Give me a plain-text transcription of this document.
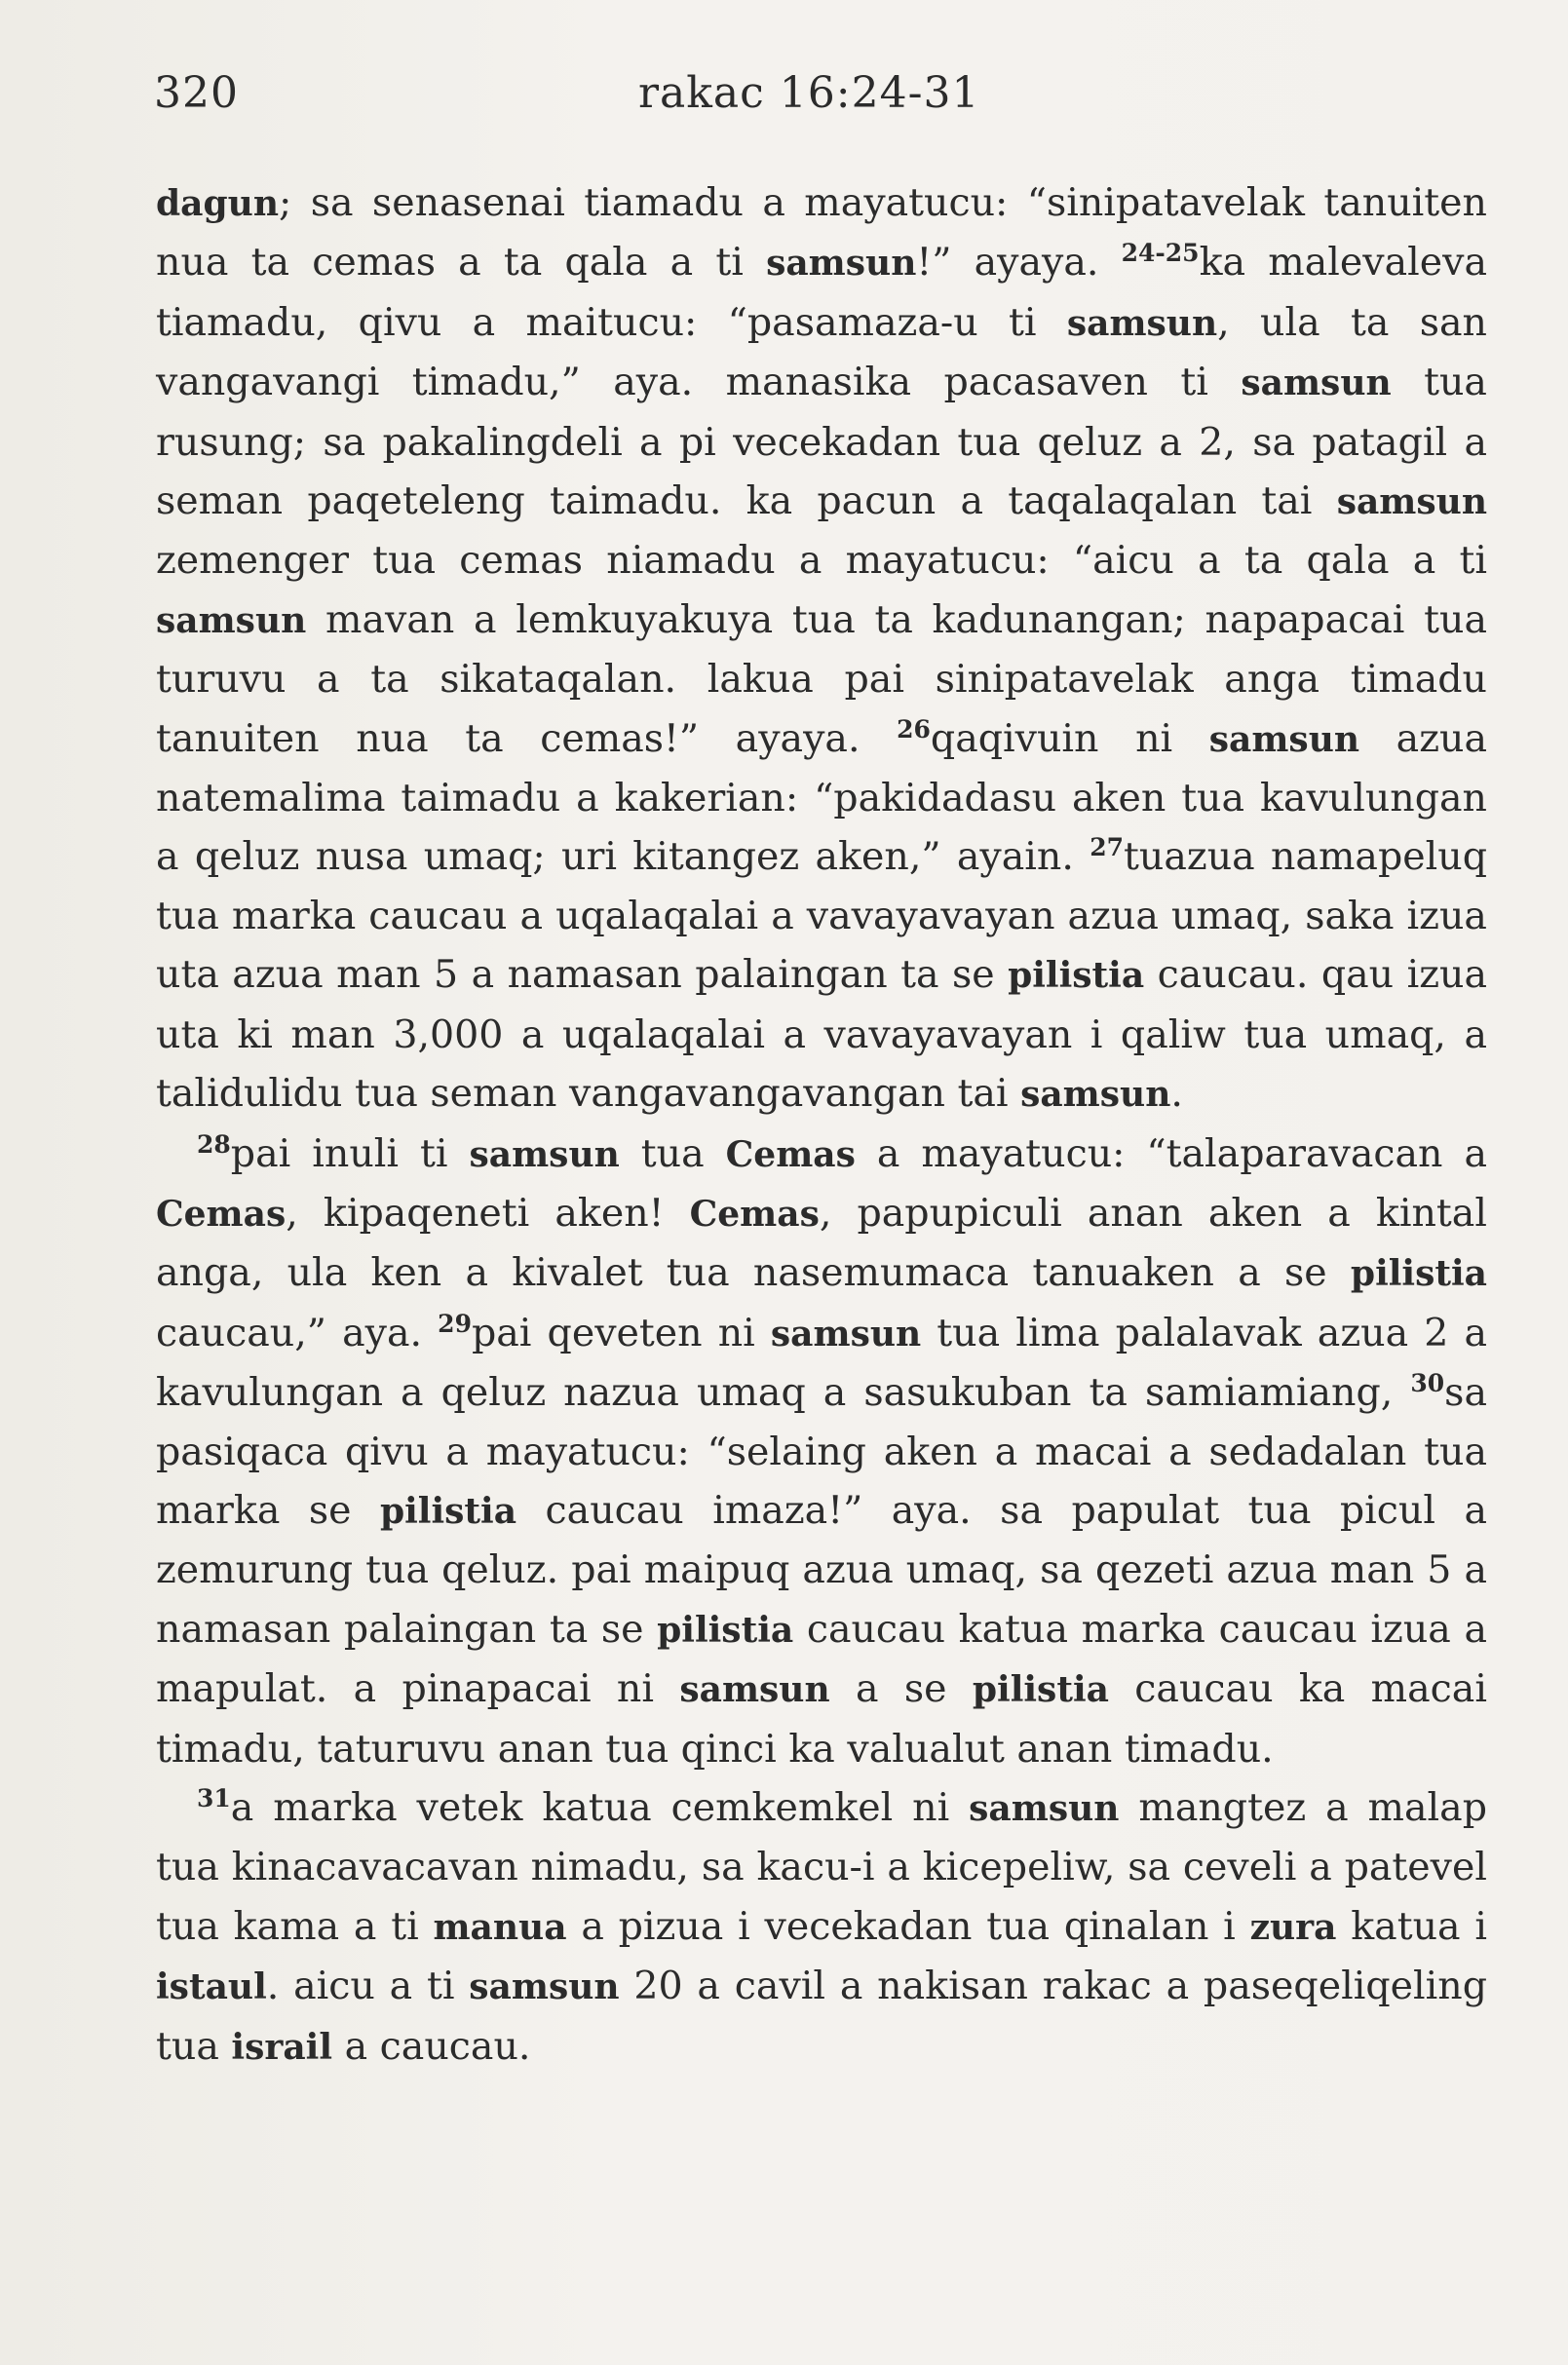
320	rakac 16:24-31

dagun; sa senasenai tiamadu a mayatucu: “sinipatavelak tanuiten nua ta cemas a ta qala a ti samsun!” ayaya. $^{24-25}$ka malevaleva tiamadu, qivu a maitucu: “pasamaza-u ti samsun, ula ta san vangavangi timadu,” aya. manasika pacasaven ti samsun tua rusung; sa pakalingdeli a pi vecekadan tua qeluz a 2, sa patagil a seman paqeteleng taimadu. ka pacun a taqalaqalan tai samsun zemenger tua cemas niamadu a mayatucu: “aicu a ta qala a ti samsun mavan a lemkuyakuya tua ta kadunangan; napapacai tua turuvu a ta sikataqalan. lakua pai sinipatavelak anga timadu tanuiten nua ta cemas!” ayaya. $^{26}$qaqivuin ni samsun azua natemalima taimadu a kakerian: “pakidadasu aken tua kavulungan a qeluz nusa umaq; uri kitangez aken,” ayain. $^{27}$tuazua namapeluq tua marka caucau a uqalaqalai a vavayavayan azua umaq, saka izua uta azua man 5 a namasan palaingan ta se pilistia caucau. qau izua uta ki man 3,000 a uqalaqalai a vavayavayan i qaliw tua umaq, a talidulidu tua seman vangavangavangan tai samsun.

$^{28}$pai inuli ti samsun tua Cemas a mayatucu: “talaparavacan a Cemas, kipaqeneti aken! Cemas, papupiculi anan aken a kintal anga, ula ken a kivalet tua nasemumaca tanuaken a se pilistia caucau,” aya. $^{29}$pai qeveten ni samsun tua lima palalavak azua 2 a kavulungan a qeluz nazua umaq a sasukuban ta samiamiang, $^{30}$sa pasiqaca qivu a mayatucu: “selaing aken a macai a sedadalan tua marka se pilistia caucau imaza!” aya. sa papulat tua picul a zemurung tua qeluz. pai maipuq azua umaq, sa qezeti azua man 5 a namasan palaingan ta se pilistia caucau katua marka caucau izua a mapulat. a pinapacai ni samsun a se pilistia caucau ka macai timadu, taturuvu anan tua qinci ka valualut anan timadu.

$^{31}$a marka vetek katua cemkemkel ni samsun mangtez a malap tua kinacavacavan nimadu, sa kacu-i a kicepeliw, sa ceveli a patevel tua kama a ti manua a pizua i vecekadan tua qinalan i zura katua i istaul. aicu a ti samsun 20 a cavil a nakisan rakac a paseqeliqeling tua israil a caucau.
